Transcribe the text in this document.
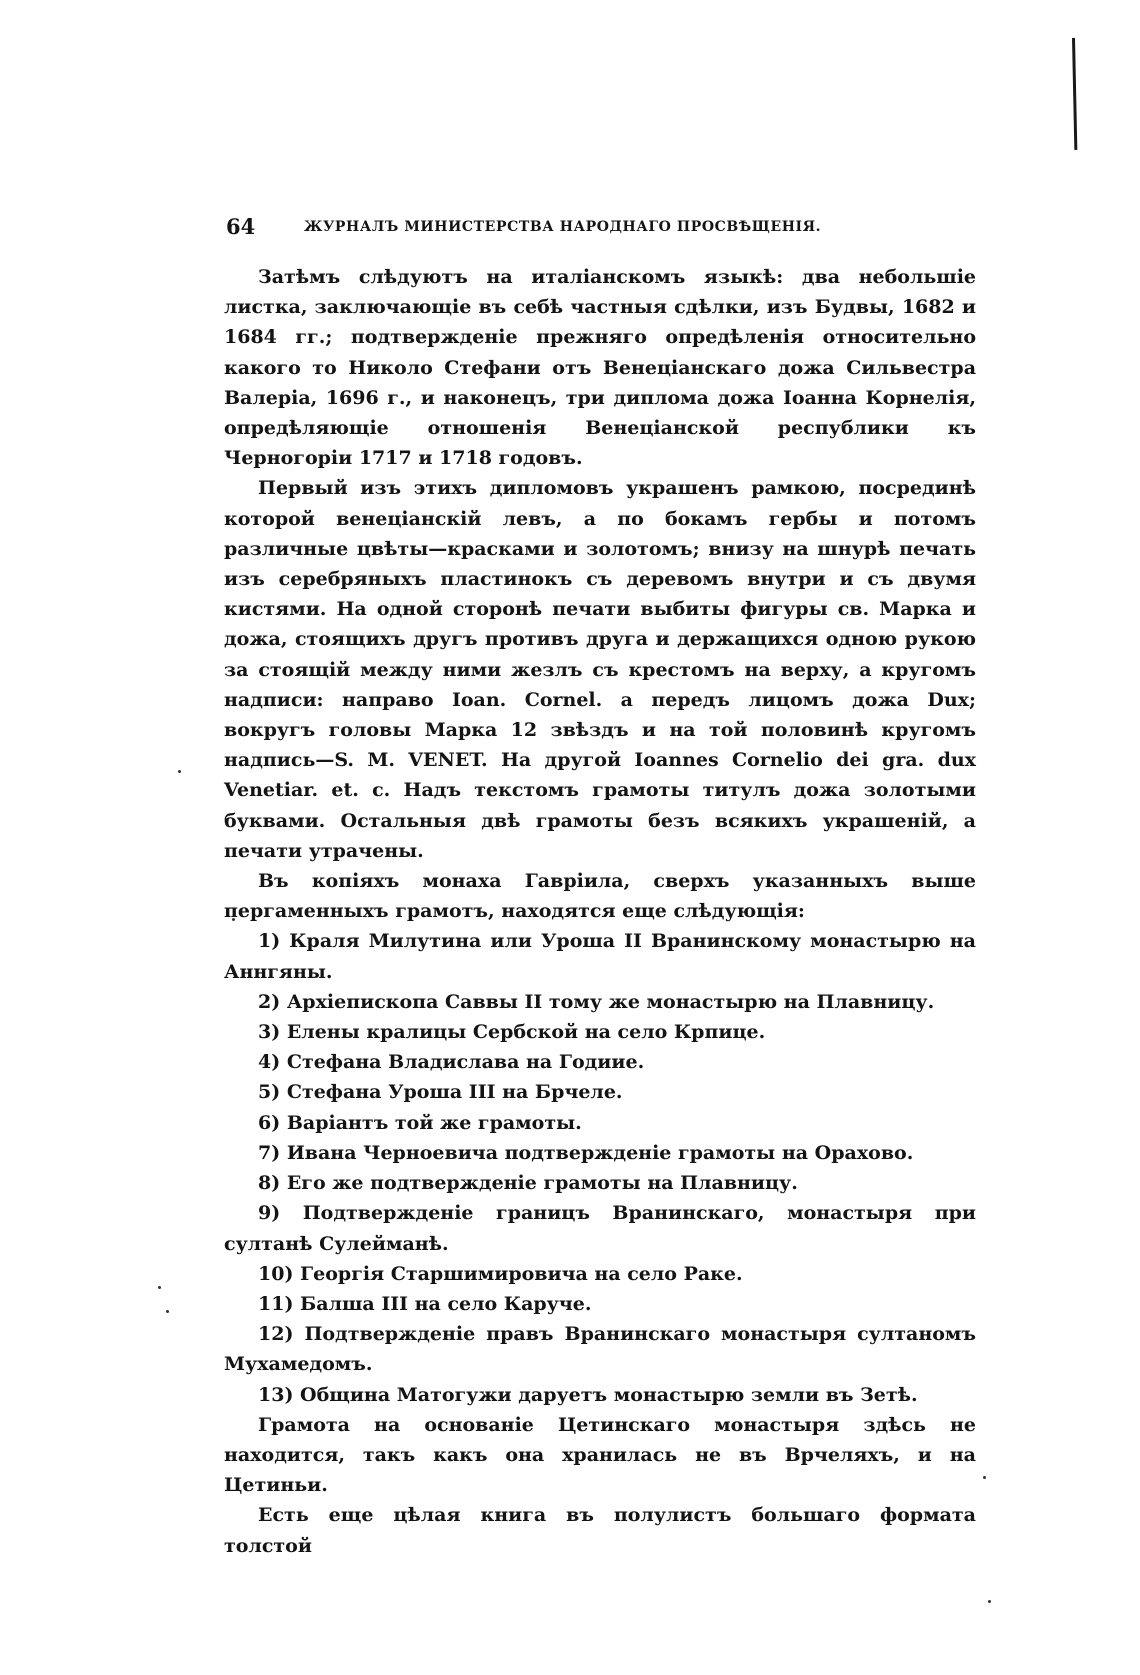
64	ЖУРНАЛЪ МИНИСТЕРСТВА НАРОДНАГО ПРОСВѢЩЕНІЯ.

Затѣмъ слѣдуютъ на италіанскомъ языкѣ: два небольшіе листка, заключающіе въ себѣ частныя сдѣлки, изъ Будвы, 1682 и 1684 гг.; подтвержденіе прежняго опредѣленія относительно какого то Николо Стефани отъ Венеціанскаго дожа Сильвестра Валеріа, 1696 г., и наконецъ, три диплома дожа Іоанна Корнелія, опредѣляющіе отношенія Венеціанской республики къ Черногоріи 1717 и 1718 годовъ.

Первый изъ этихъ дипломовъ украшенъ рамкою, посрединѣ которой венеціанскій левъ, а по бокамъ гербы и потомъ различные цвѣты—красками и золотомъ; внизу на шнурѣ печать изъ серебряныхъ пластинокъ съ деревомъ внутри и съ двумя кистями. На одной сторонѣ печати выбиты фигуры св. Марка и дожа, стоящихъ другъ противъ друга и держащихся одною рукою за стоящій между ними жезлъ съ крестомъ на верху, а кругомъ надписи: направо Ioan. Cornel. а передъ лицомъ дожа Dux; вокругъ головы Марка 12 звѣздъ и на той половинѣ кругомъ надпись—S. M. VENET. На другой Ioannes Cornelio dei gra. dux Venetiar. et. c. Надъ текстомъ грамоты титулъ дожа золотыми буквами. Остальныя двѣ грамоты безъ всякихъ украшеній, а печати утрачены.

Въ копіяхъ монаха Гавріила, сверхъ указанныхъ выше пергаменныхъ грамотъ, находятся еще слѣдующія:

1) Краля Милутина или Уроша II Вранинскому монастырю на Аннгяны.

2) Архіепископа Саввы II тому же монастырю на Плавницу.

3) Елены кралицы Сербской на село Крпице.

4) Стефана Владислава на Годиие.

5) Стефана Уроша III на Брчеле.

6) Варіантъ той же грамоты.

7) Ивана Черноевича подтвержденіе грамоты на Орахово.

8) Его же подтвержденіе грамоты на Плавницу.

9) Подтвержденіе границъ Вранинскаго, монастыря при султанѣ Сулейманѣ.

10) Георгія Старшимировича на село Раке.

11) Балша III на село Каруче.

12) Подтвержденіе правъ Вранинскаго монастыря султаномъ Мухамедомъ.

13) Община Матогужи даруетъ монастырю земли въ Зетѣ.

Грамота на основаніе Цетинскаго монастыря здѣсь не находится, такъ какъ она хранилась не въ Врчеляхъ, и на Цетиньи.

Есть еще цѣлая книга въ полулистъ большаго формата толстой
